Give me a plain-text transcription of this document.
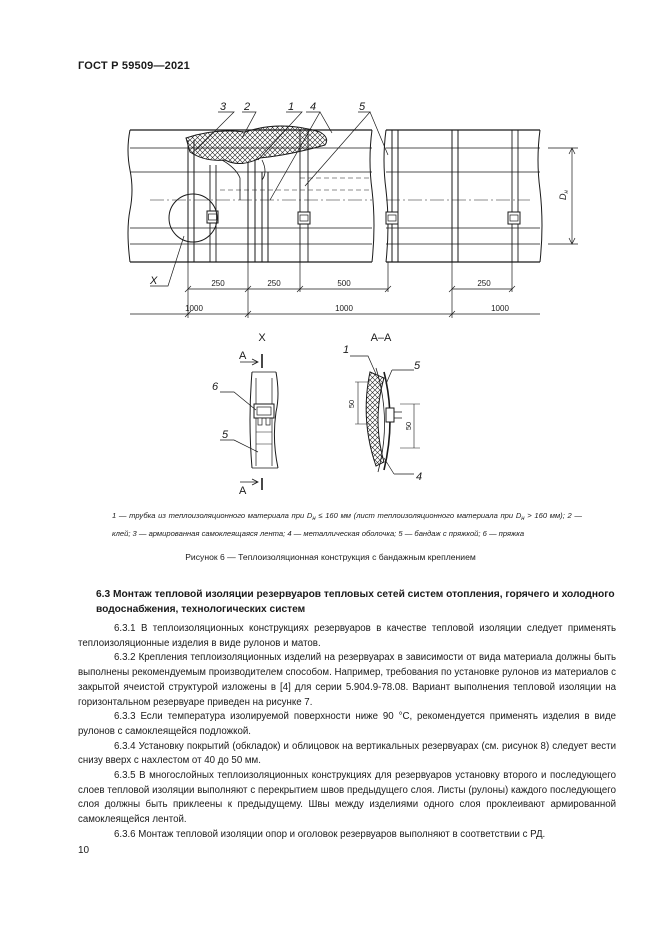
ГОСТ Р 59509—2021
3 2	1 4	5
X
$D_н$
250	250	500	250
1000	1000	1000
X
А
А
6
5
А–А
1
5
4
50
50
1 — трубка из теплоизоляционного материала при $D_н \le 160$ мм (лист теплоизоляционного материала при $D_н > 160$ мм); 2 — клей; 3 — армированная самоклеящаяся лента; 4 — металлическая оболочка; 5 — бандаж с пряжкой; 6 — пряжка
Рисунок 6 — Теплоизоляционная конструкция с бандажным креплением
6.3 Монтаж тепловой изоляции резервуаров тепловых сетей систем отопления, горячего и холодного водоснабжения, технологических систем

6.3.1 В теплоизоляционных конструкциях резервуаров в качестве тепловой изоляции следует применять теплоизоляционные изделия в виде рулонов и матов.

6.3.2 Крепления теплоизоляционных изделий на резервуарах в зависимости от вида материала должны быть выполнены рекомендуемым производителем способом. Например, требования по установке рулонов из материалов с закрытой ячеистой структурой изложены в [4] для серии 5.904.9-78.08. Вариант выполнения тепловой изоляции на горизонтальном резервуаре приведен на рисунке 7.

6.3.3 Если температура изолируемой поверхности ниже 90 °C, рекомендуется применять изделия в виде рулонов с самоклеящейся подложкой.

6.3.4 Установку покрытий (обкладок) и облицовок на вертикальных резервуарах (см. рисунок 8) следует вести снизу вверх с нахлестом от 40 до 50 мм.

6.3.5 В многослойных теплоизоляционных конструкциях для резервуаров установку второго и последующего слоев тепловой изоляции выполняют с перекрытием швов предыдущего слоя. Листы (рулоны) каждого последующего слоя должны быть приклеены к предыдущему. Швы между изделиями одного слоя проклеивают армированной самоклеящейся лентой.

6.3.6 Монтаж тепловой изоляции опор и оголовок резервуаров выполняют в соответствии с РД.

10
